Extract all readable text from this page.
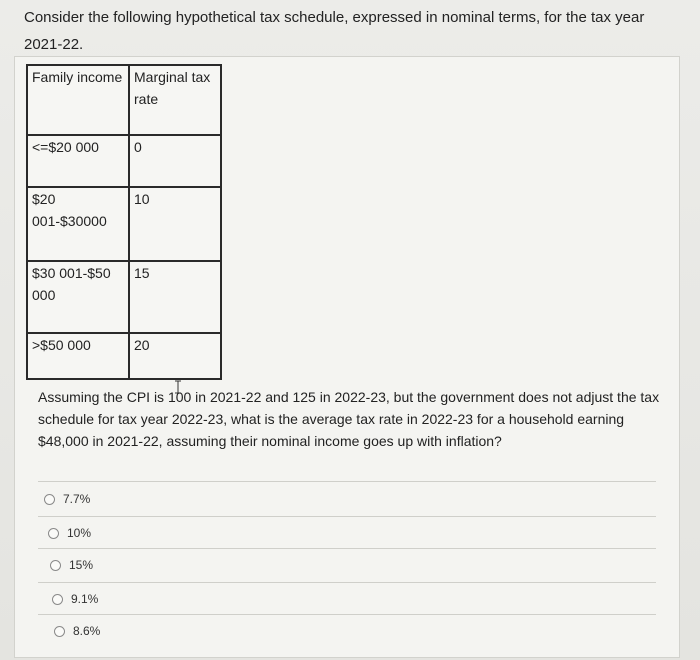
Consider the following hypothetical tax schedule, expressed in nominal terms, for the tax year 2021-22.
Family income	Marginal tax rate
<=$20 000	0
$20 001-$30000	10
$30 001-$50 000	15
>$50 000	20
Assuming the CPI is 100 in 2021-22 and 125 in 2022-23, but the government does not adjust the tax schedule for tax year 2022-23, what is the average tax rate in 2022-23 for a household earning $48,000 in 2021-22, assuming their nominal income goes up with inflation?
7.7%
10%
15%
9.1%
8.6%
